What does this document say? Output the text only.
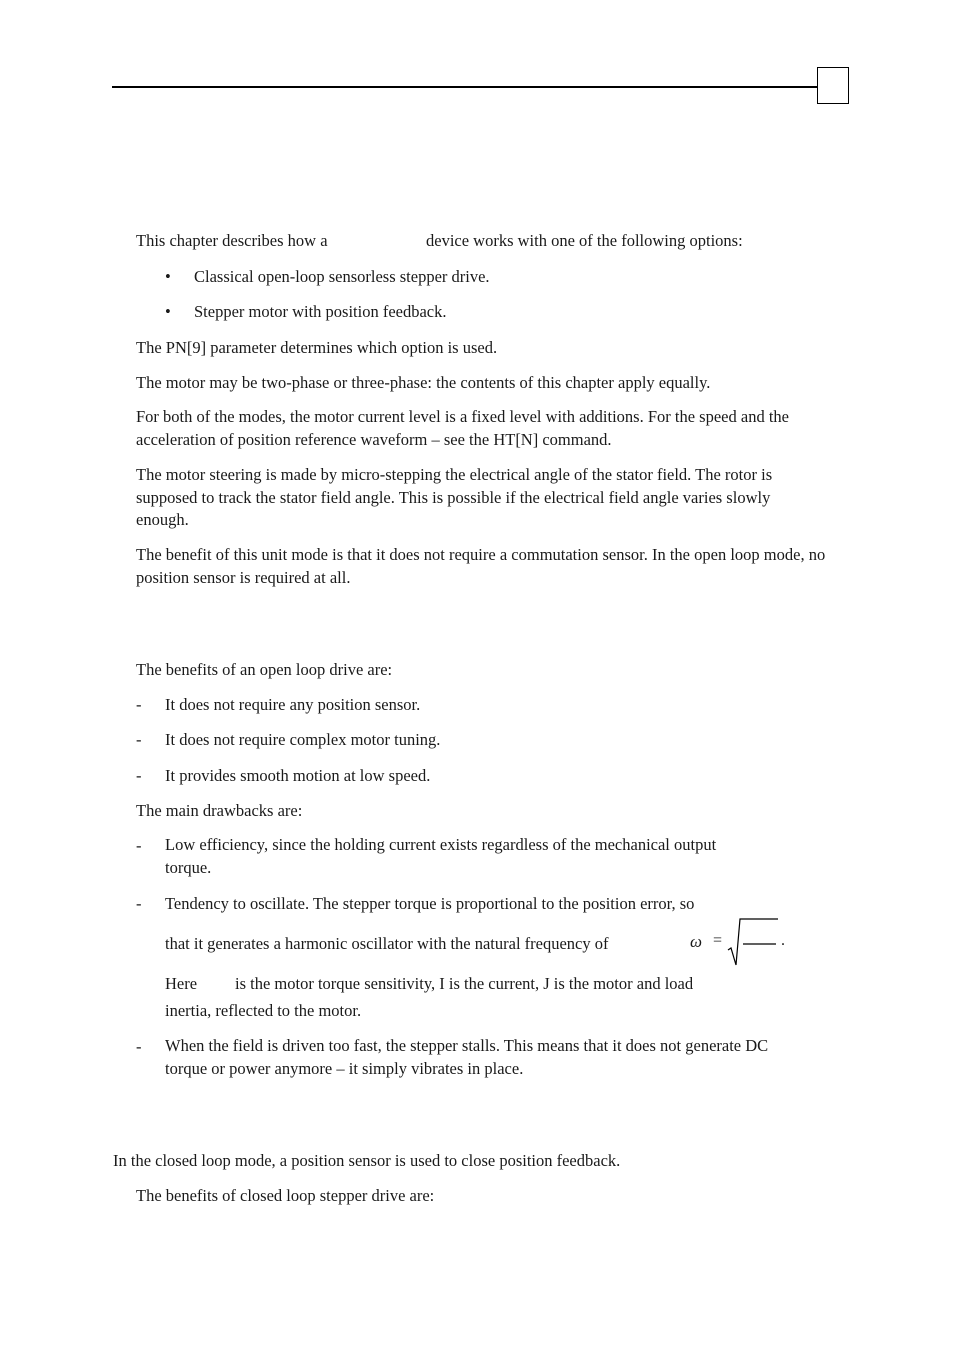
This chapter describes how a	device works with one of the following options:
• Classical open-loop sensorless stepper drive.
• Stepper motor with position feedback.
The PN[9] parameter determines which option is used.
The motor may be two-phase or three-phase: the contents of this chapter apply equally.
For both of the modes, the motor current level is a fixed level with additions. For the speed and the acceleration of position reference waveform – see the HT[N] command.
The motor steering is made by micro-stepping the electrical angle of the stator field. The rotor is supposed to track the stator field angle. This is possible if the electrical field angle varies slowly enough.
The benefit of this unit mode is that it does not require a commutation sensor. In the open loop mode, no position sensor is required at all.
The benefits of an open loop drive are:
- It does not require any position sensor.
- It does not require complex motor tuning.
- It provides smooth motion at low speed.
The main drawbacks are:
- Low efficiency, since the holding current exists regardless of the mechanical output torque.
- Tendency to oscillate. The stepper torque is proportional to the position error, so
that it generates a harmonic oscillator with the natural frequency of	ω =	.
Here is the motor torque sensitivity, I is the current, J is the motor and load
inertia, reflected to the motor.
- When the field is driven too fast, the stepper stalls. This means that it does not generate DC torque or power anymore – it simply vibrates in place.
In the closed loop mode, a position sensor is used to close position feedback.
The benefits of closed loop stepper drive are:
